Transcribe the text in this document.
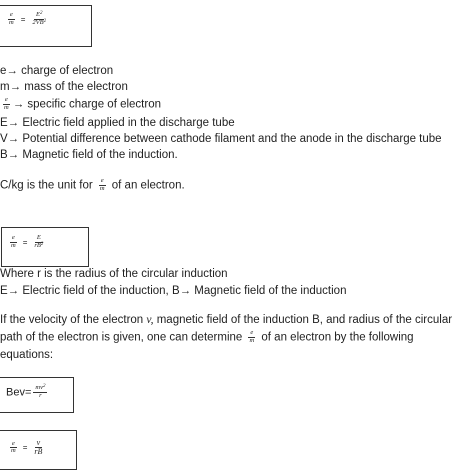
$\frac{e}{m} = \frac{E^2}{2VB^2}$
e→ charge of electron
m→ mass of the electron
$\frac{e}{m}$ → specific charge of electron
E→ Electric field applied in the discharge tube
V→ Potential difference between cathode filament and the anode in the discharge tube
B→ Magnetic field of the induction.
C/kg is the unit for $\frac{e}{m}$ of an electron.
$\frac{e}{m} = \frac{E}{rB^2}$
Where r is the radius of the circular induction
E→ Electric field of the induction, B→ Magnetic field of the induction
If the velocity of the electron v, magnetic field of the induction B, and radius of the circular
path of the electron is given, one can determine $\frac{e}{m}$ of an electron by the following
equations:
$Bev= \frac{mv^2}{r}$
$\frac{e}{m} = \frac{v}{rB}$
